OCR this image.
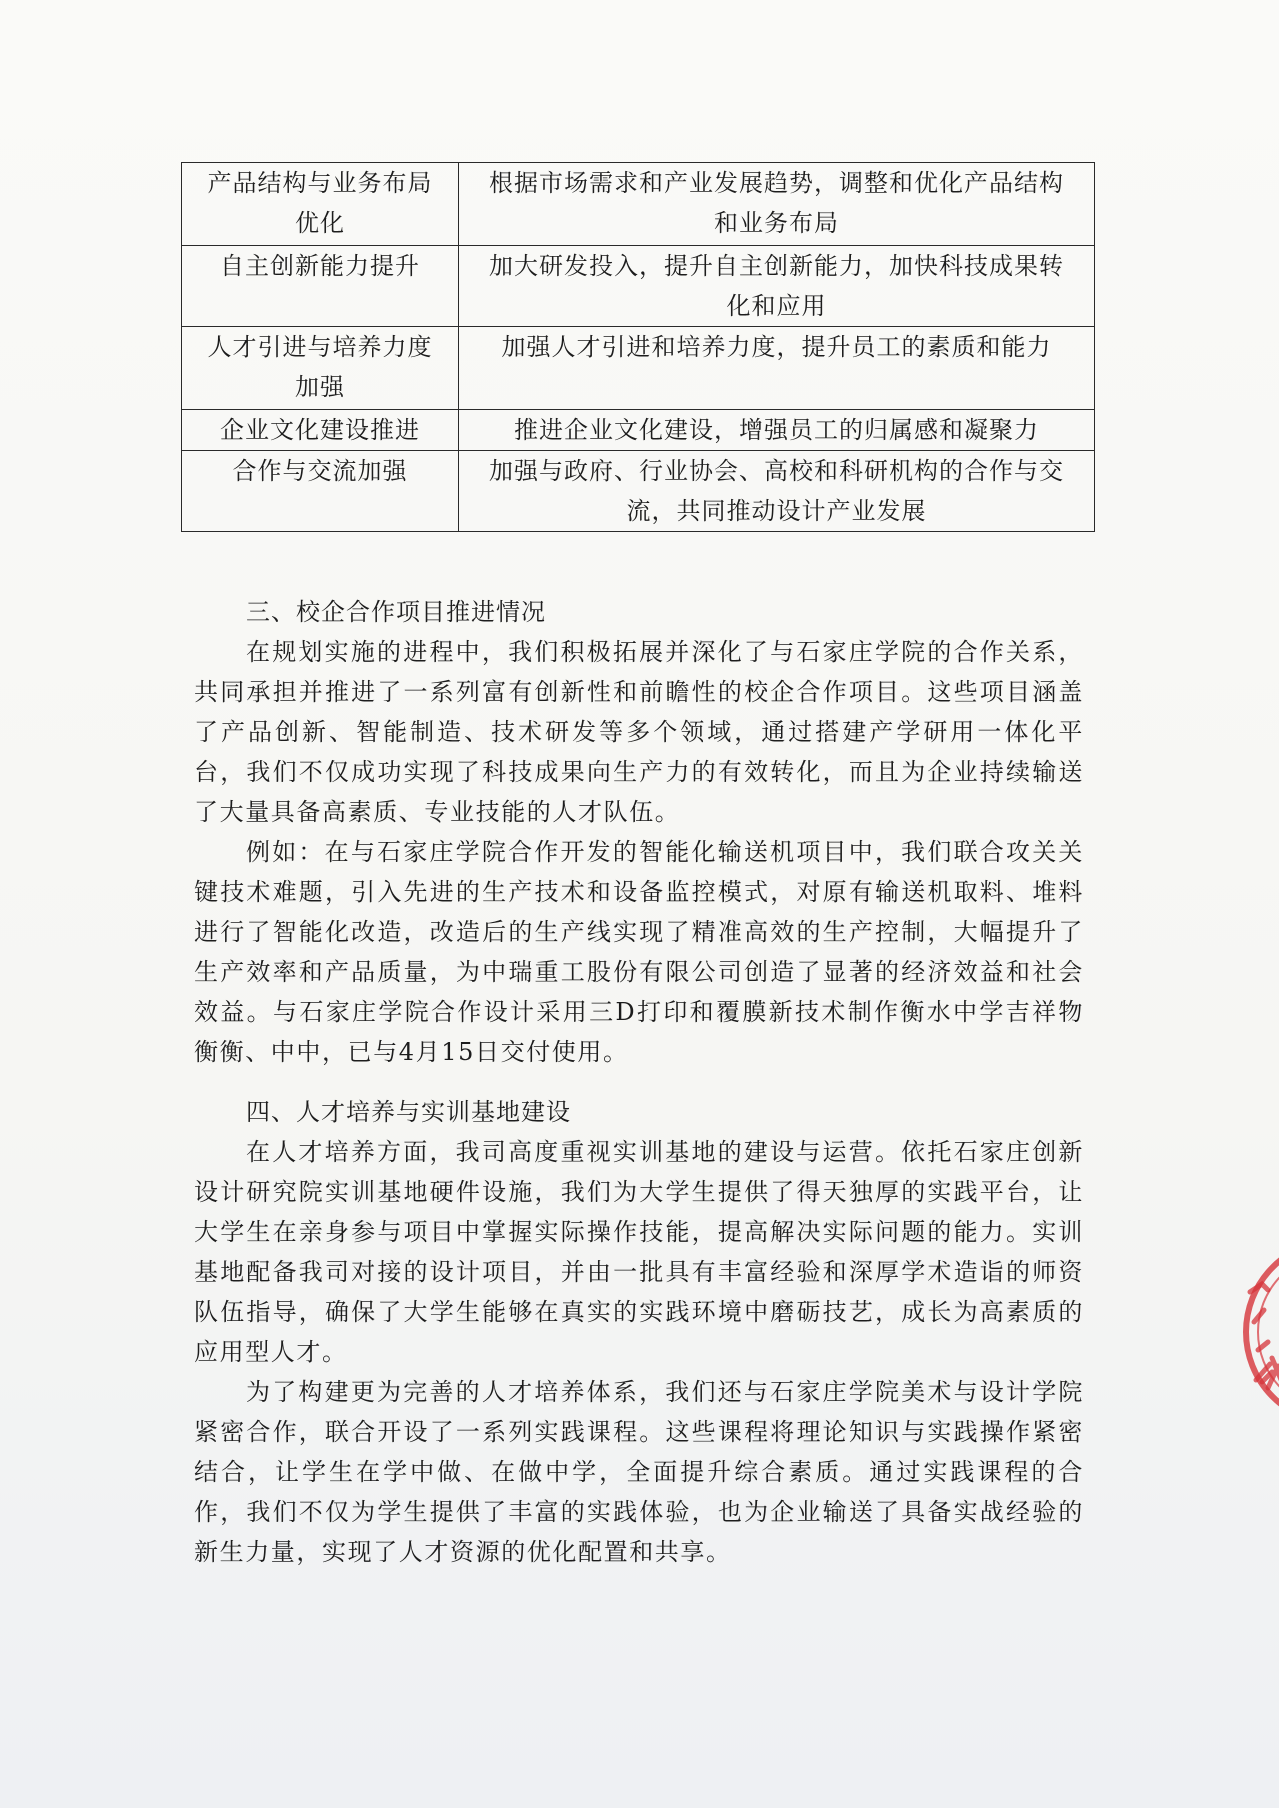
产品结构与业务布局优化	根据市场需求和产业发展趋势，调整和优化产品结构和业务布局
自主创新能力提升	加大研发投入，提升自主创新能力，加快科技成果转化和应用
人才引进与培养力度加强	加强人才引进和培养力度，提升员工的素质和能力
企业文化建设推进	推进企业文化建设，增强员工的归属感和凝聚力
合作与交流加强	加强与政府、行业协会、高校和科研机构的合作与交流，共同推动设计产业发展

三、校企合作项目推进情况

在规划实施的进程中，我们积极拓展并深化了与石家庄学院的合作关系，共同承担并推进了一系列富有创新性和前瞻性的校企合作项目。这些项目涵盖了产品创新、智能制造、技术研发等多个领域，通过搭建产学研用一体化平台，我们不仅成功实现了科技成果向生产力的有效转化，而且为企业持续输送了大量具备高素质、专业技能的人才队伍。

例如：在与石家庄学院合作开发的智能化输送机项目中，我们联合攻关关键技术难题，引入先进的生产技术和设备监控模式，对原有输送机取料、堆料进行了智能化改造，改造后的生产线实现了精准高效的生产控制，大幅提升了生产效率和产品质量，为中瑞重工股份有限公司创造了显著的经济效益和社会效益。与石家庄学院合作设计采用三D打印和覆膜新技术制作衡水中学吉祥物衡衡、中中，已与4月15日交付使用。

四、人才培养与实训基地建设

在人才培养方面，我司高度重视实训基地的建设与运营。依托石家庄创新设计研究院实训基地硬件设施，我们为大学生提供了得天独厚的实践平台，让大学生在亲身参与项目中掌握实际操作技能，提高解决实际问题的能力。实训基地配备我司对接的设计项目，并由一批具有丰富经验和深厚学术造诣的师资队伍指导，确保了大学生能够在真实的实践环境中磨砺技艺，成长为高素质的应用型人才。

为了构建更为完善的人才培养体系，我们还与石家庄学院美术与设计学院紧密合作，联合开设了一系列实践课程。这些课程将理论知识与实践操作紧密结合，让学生在学中做、在做中学，全面提升综合素质。通过实践课程的合作，我们不仅为学生提供了丰富的实践体验，也为企业输送了具备实战经验的新生力量，实现了人才资源的优化配置和共享。
